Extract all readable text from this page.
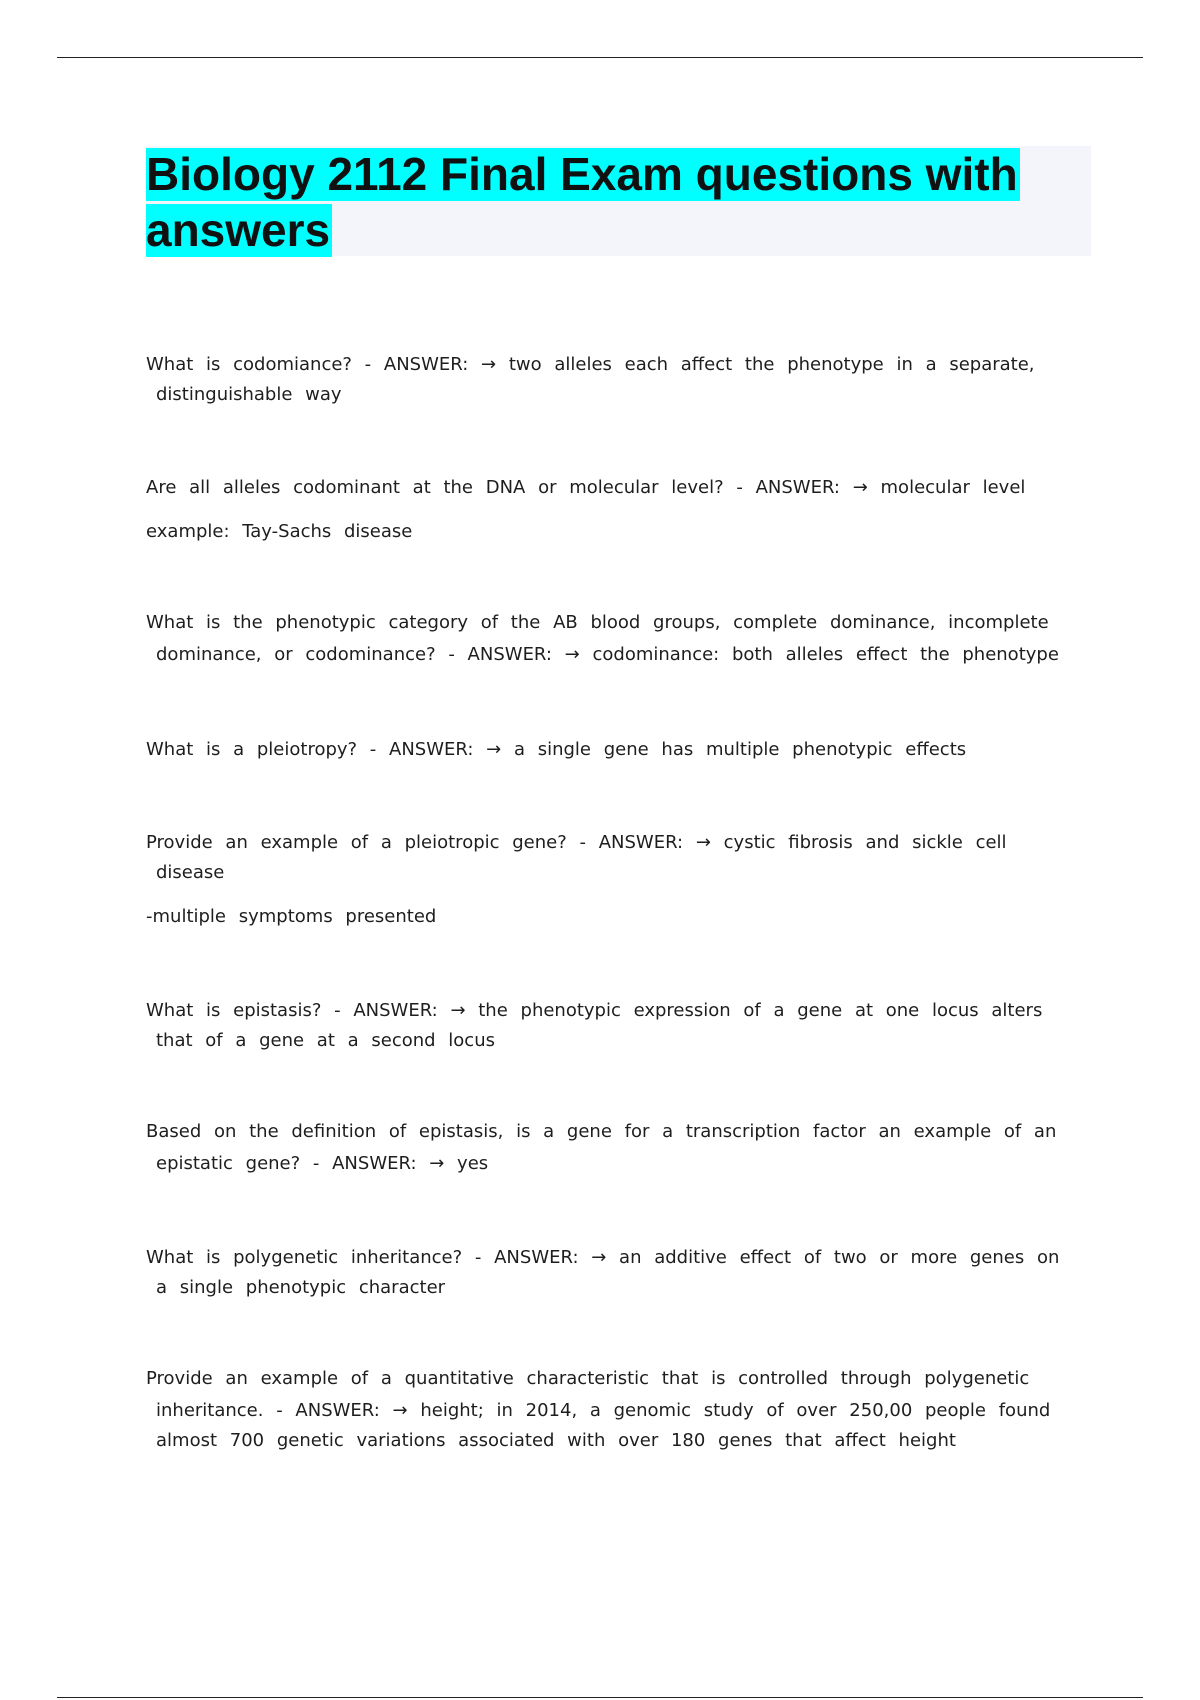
Biology 2112 Final Exam questions with
answers
What is codomiance? - ANSWER: → two alleles each affect the phenotype in a separate,
distinguishable way
Are all alleles codominant at the DNA or molecular level? - ANSWER: → molecular level
example: Tay-Sachs disease
What is the phenotypic category of the AB blood groups, complete dominance, incomplete
dominance, or codominance? - ANSWER: → codominance: both alleles effect the phenotype
What is a pleiotropy? - ANSWER: → a single gene has multiple phenotypic effects
Provide an example of a pleiotropic gene? - ANSWER: → cystic fibrosis and sickle cell
disease
-multiple symptoms presented
What is epistasis? - ANSWER: → the phenotypic expression of a gene at one locus alters
that of a gene at a second locus
Based on the definition of epistasis, is a gene for a transcription factor an example of an
epistatic gene? - ANSWER: → yes
What is polygenetic inheritance? - ANSWER: → an additive effect of two or more genes on
a single phenotypic character
Provide an example of a quantitative characteristic that is controlled through polygenetic
inheritance. - ANSWER: → height; in 2014, a genomic study of over 250,00 people found
almost 700 genetic variations associated with over 180 genes that affect height
